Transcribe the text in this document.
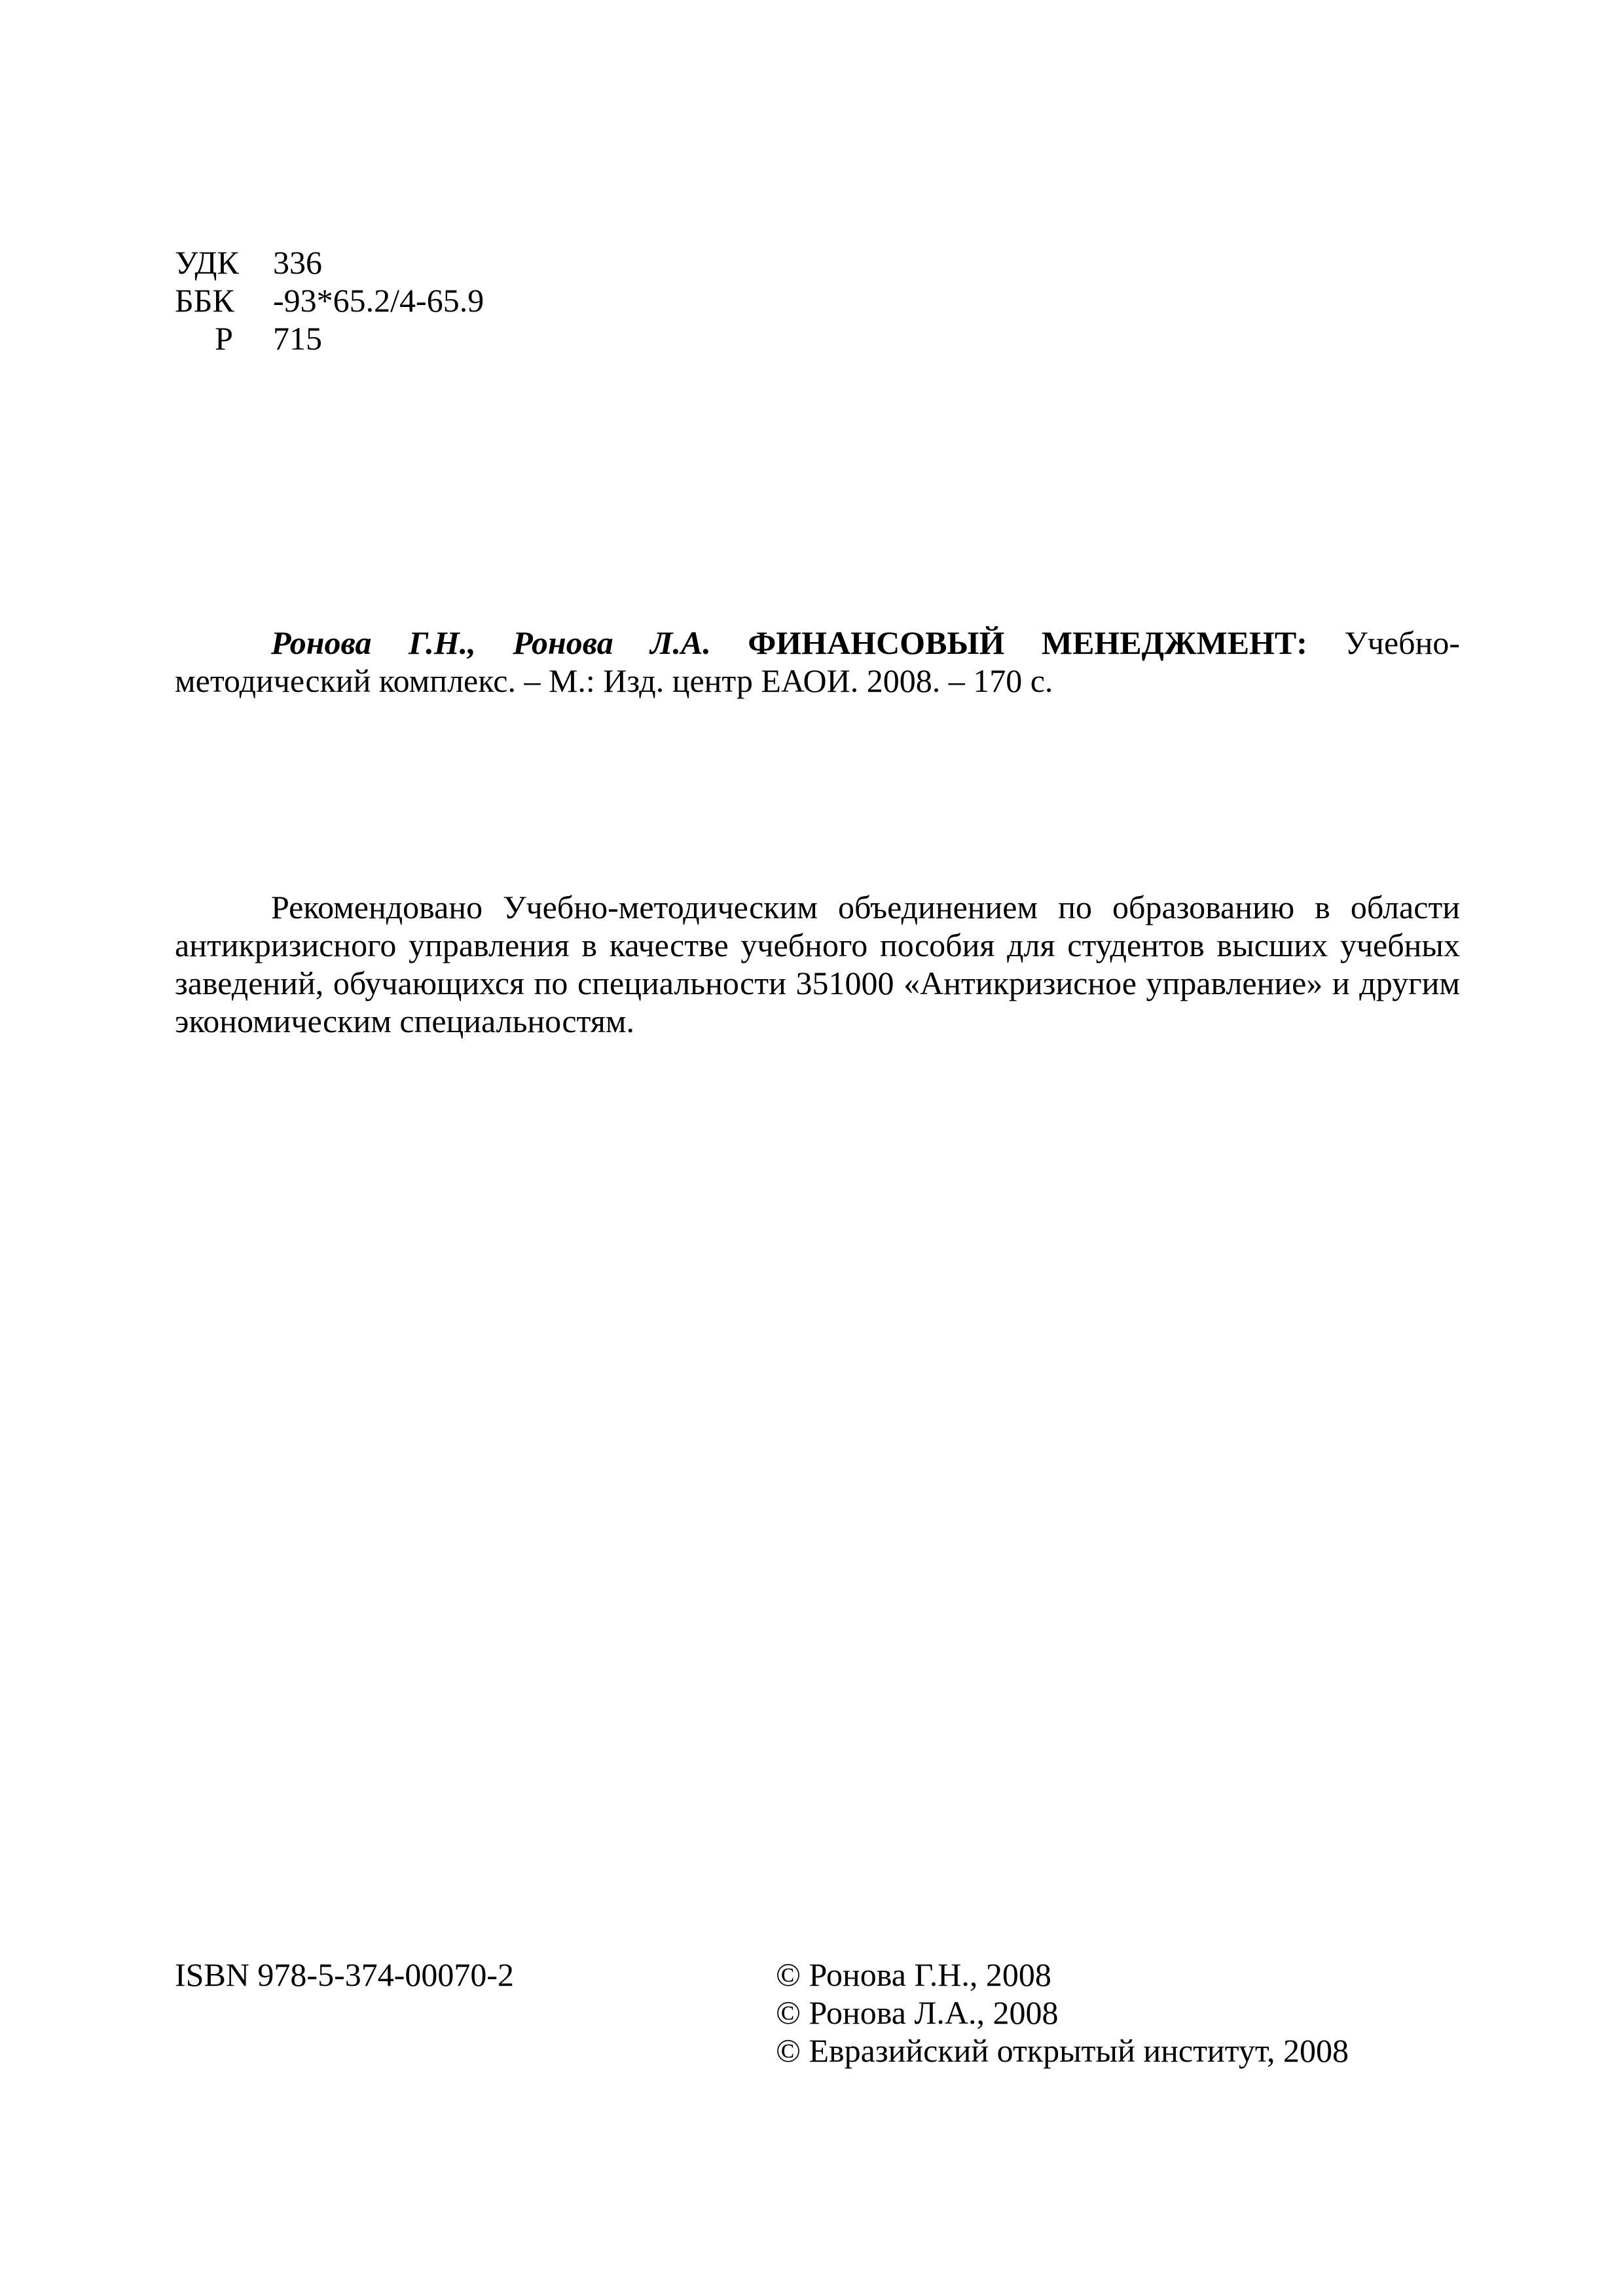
УДК	336
ББК	-93*65.2/4-65.9
Р	715
Ронова Г.Н., Ронова Л.А. ФИНАНСОВЫЙ МЕНЕДЖМЕНТ: Учебно-методический комплекс. – М.: Изд. центр ЕАОИ. 2008. – 170 с.
Рекомендовано Учебно-методическим объединением по образованию в области антикризисного управления в качестве учебного пособия для студентов высших учебных заведений, обучающихся по специальности 351000 «Антикризисное управление» и другим экономическим специальностям.
ISBN 978-5-374-00070-2	© Ронова Г.Н., 2008
© Ронова Л.А., 2008
© Евразийский открытый институт, 2008
